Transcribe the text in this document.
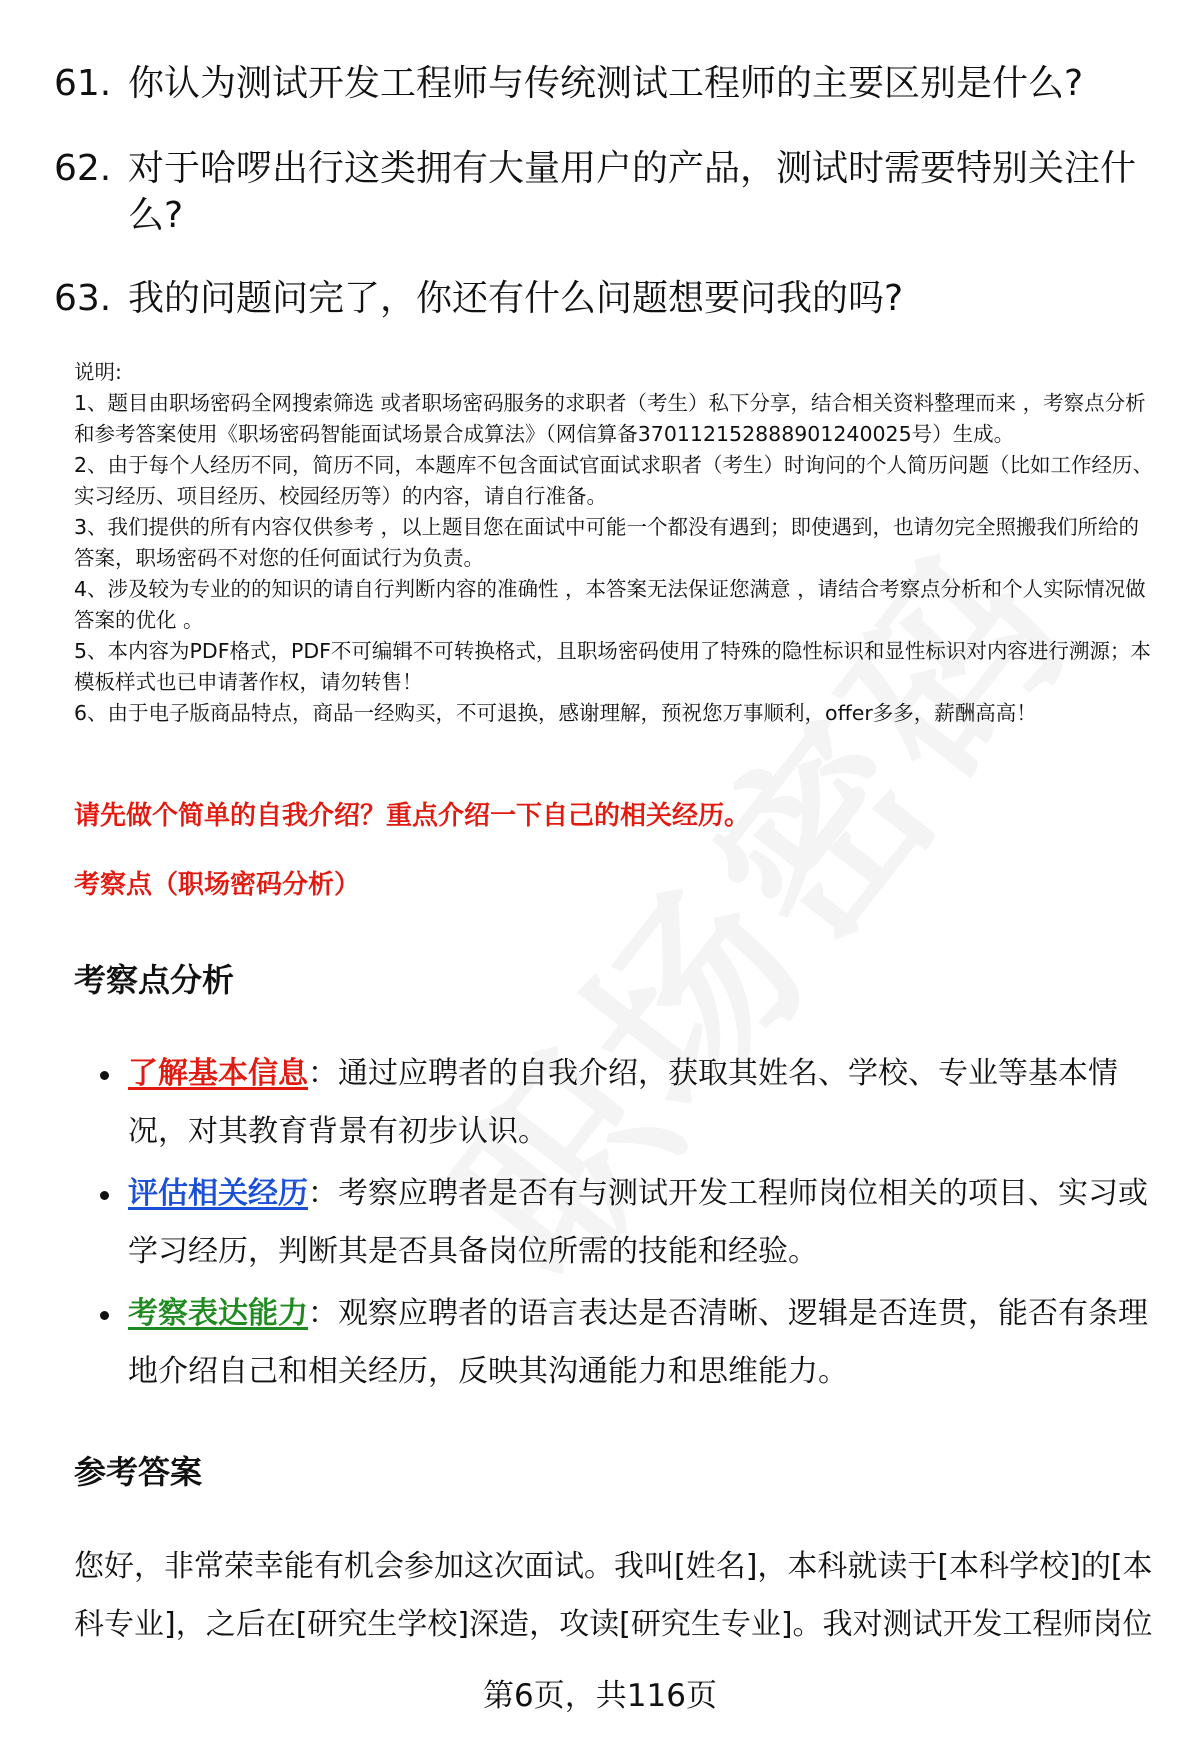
61. 你认为测试开发工程师与传统测试工程师的主要区别是什么?
62. 对于哈啰出行这类拥有大量用户的产品，测试时需要特别关注什么?
63. 我的问题问完了，你还有什么问题想要问我的吗?

说明:

1、题目由职场密码全网搜索筛选 或者职场密码服务的求职者（考生）私下分享，结合相关资料整理而来 ，考察点分析和参考答案使用《职场密码智能面试场景合成算法》（网信算备370112152888901240025号）生成。

2、由于每个人经历不同，简历不同，本题库不包含面试官面试求职者（考生）时询问的个人简历问题（比如工作经历、实习经历、项目经历、校园经历等）的内容，请自行准备。

3、我们提供的所有内容仅供参考 ，以上题目您在面试中可能一个都没有遇到；即使遇到，也请勿完全照搬我们所给的答案，职场密码不对您的任何面试行为负责。

4、涉及较为专业的的知识的请自行判断内容的准确性 ，本答案无法保证您满意 ，请结合考察点分析和个人实际情况做答案的优化 。

5、本内容为PDF格式，PDF不可编辑不可转换格式，且职场密码使用了特殊的隐性标识和显性标识对内容进行溯源；本模板样式也已申请著作权，请勿转售！

6、由于电子版商品特点，商品一经购买，不可退换，感谢理解，预祝您万事顺利，offer多多，薪酬高高！

请先做个简单的自我介绍？重点介绍一下自己的相关经历。
考察点（职场密码分析）
考察点分析
了解基本信息：通过应聘者的自我介绍，获取其姓名、学校、专业等基本情况，对其教育背景有初步认识。
评估相关经历：考察应聘者是否有与测试开发工程师岗位相关的项目、实习或学习经历，判断其是否具备岗位所需的技能和经验。
考察表达能力：观察应聘者的语言表达是否清晰、逻辑是否连贯，能否有条理地介绍自己和相关经历，反映其沟通能力和思维能力。
参考答案
您好，非常荣幸能有机会参加这次面试。我叫[姓名]，本科就读于[本科学校]的[本科专业]，之后在[研究生学校]深造，攻读[研究生专业]。我对测试开发工程师岗位
第6页，共116页
